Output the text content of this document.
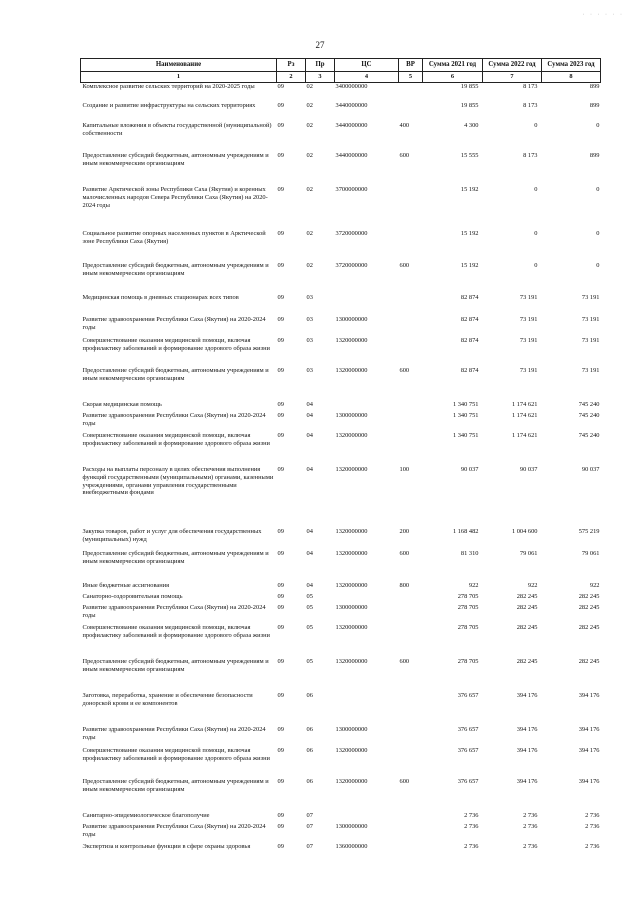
· · · · · ·
27
Наименование	Рз	Пр	ЦС	ВР	Сумма 2021 год	Сумма 2022 год	Сумма 2023 год
1	2	3	4	5	6	7	8
Комплексное развитие сельских территорий на 2020-2025 годы	09	02	3400000000		19 855	8 173	899
Создание и развитие инфраструктуры на сельских территориях	09	02	3440000000		19 855	8 173	899
Капитальные вложения в объекты государственной (муниципальной) собственности	09	02	3440000000	400	4 300	0	0
Предоставление субсидий бюджетным, автономным учреждениям и иным некоммерческим организациям	09	02	3440000000	600	15 555	8 173	899
Развитие Арктической зоны Республики Саха (Якутия) и коренных малочисленных народов Севера Республики Саха (Якутия) на 2020-2024 годы	09	02	3700000000		15 192	0	0
Социальное развитие опорных населенных пунктов в Арктической зоне Республики Саха (Якутия)	09	02	3720000000		15 192	0	0
Предоставление субсидий бюджетным, автономным учреждениям и иным некоммерческим организациям	09	02	3720000000	600	15 192	0	0
Медицинская помощь в дневных стационарах всех типов	09	03			82 874	73 191	73 191
Развитие здравоохранения Республики Саха (Якутия) на 2020-2024 годы	09	03	1300000000		82 874	73 191	73 191
Совершенствование оказания медицинской помощи, включая профилактику заболеваний и формирование здорового образа жизни	09	03	1320000000		82 874	73 191	73 191
Предоставление субсидий бюджетным, автономным учреждениям и иным некоммерческим организациям	09	03	1320000000	600	82 874	73 191	73 191
Скорая медицинская помощь	09	04			1 340 751	1 174 621	745 240
Развитие здравоохранения Республики Саха (Якутия) на 2020-2024 годы	09	04	1300000000		1 340 751	1 174 621	745 240
Совершенствование оказания медицинской помощи, включая профилактику заболеваний и формирование здорового образа жизни	09	04	1320000000		1 340 751	1 174 621	745 240
Расходы на выплаты персоналу в целях обеспечения выполнения функций государственными (муниципальными) органами, казенными учреждениями, органами управления государственными внебюджетными фондами	09	04	1320000000	100	90 037	90 037	90 037
Закупка товаров, работ и услуг для обеспечения государственных (муниципальных) нужд	09	04	1320000000	200	1 168 482	1 004 600	575 219
Предоставление субсидий бюджетным, автономным учреждениям и иным некоммерческим организациям	09	04	1320000000	600	81 310	79 061	79 061
Иные бюджетные ассигнования	09	04	1320000000	800	922	922	922
Санаторно-оздоровительная помощь	09	05			278 705	282 245	282 245
Развитие здравоохранения Республики Саха (Якутия) на 2020-2024 годы	09	05	1300000000		278 705	282 245	282 245
Совершенствование оказания медицинской помощи, включая профилактику заболеваний и формирование здорового образа жизни	09	05	1320000000		278 705	282 245	282 245
Предоставление субсидий бюджетным, автономным учреждениям и иным некоммерческим организациям	09	05	1320000000	600	278 705	282 245	282 245
Заготовка, переработка, хранение и обеспечение безопасности донорской крови и ее компонентов	09	06			376 657	394 176	394 176
Развитие здравоохранения Республики Саха (Якутия) на 2020-2024 годы	09	06	1300000000		376 657	394 176	394 176
Совершенствование оказания медицинской помощи, включая профилактику заболеваний и формирование здорового образа жизни	09	06	1320000000		376 657	394 176	394 176
Предоставление субсидий бюджетным, автономным учреждениям и иным некоммерческим организациям	09	06	1320000000	600	376 657	394 176	394 176
Санитарно-эпидемиологическое благополучие	09	07			2 736	2 736	2 736
Развитие здравоохранения Республики Саха (Якутия) на 2020-2024 годы	09	07	1300000000		2 736	2 736	2 736
Экспертиза и контрольные функции в сфере охраны здоровья	09	07	1360000000		2 736	2 736	2 736
